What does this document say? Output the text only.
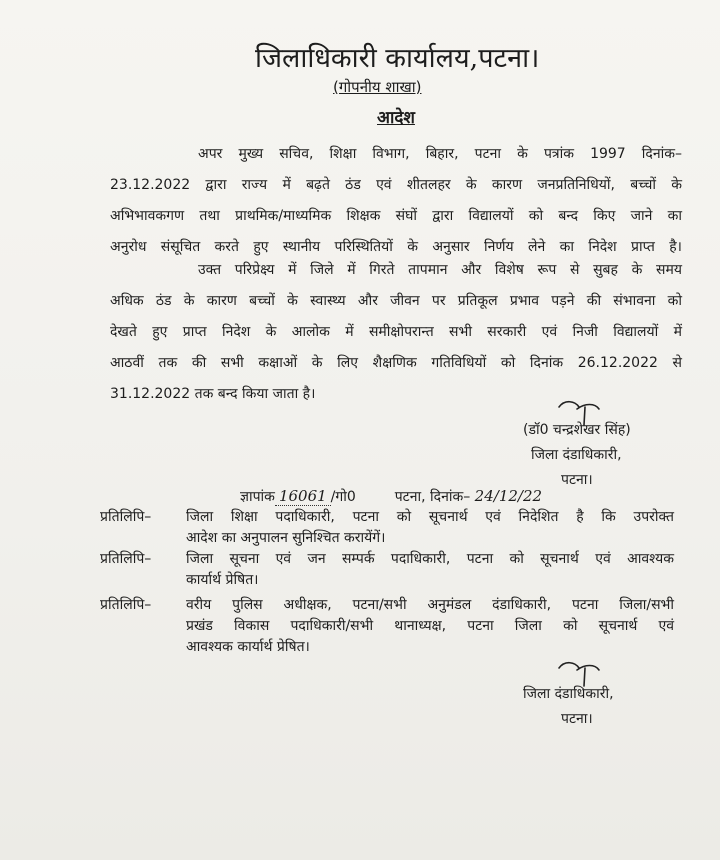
जिलाधिकारी कार्यालय,पटना।
(गोपनीय शाखा)
आदेश
अपर मुख्य सचिव, शिक्षा विभाग, बिहार, पटना के पत्रांक 1997 दिनांक–
23.12.2022 द्वारा राज्य में बढ़ते ठंड एवं शीतलहर के कारण जनप्रतिनिधियों, बच्चों के
अभिभावकगण तथा प्राथमिक/माध्यमिक शिक्षक संघों द्वारा विद्यालयों को बन्द किए जाने का
अनुरोध संसूचित करते हुए स्थानीय परिस्थितियों के अनुसार निर्णय लेने का निदेश प्राप्त है।
उक्त परिप्रेक्ष्य में जिले में गिरते तापमान और विशेष रूप से सुबह के समय
अधिक ठंड के कारण बच्चों के स्वास्थ्य और जीवन पर प्रतिकूल प्रभाव पड़ने की संभावना को
देखते हुए प्राप्त निदेश के आलोक में समीक्षोपरान्त सभी सरकारी एवं निजी विद्यालयों में
आठवीं तक की सभी कक्षाओं के लिए शैक्षणिक गतिविधियों को दिनांक 26.12.2022 से
31.12.2022 तक बन्द किया जाता है।
(डॉ0 चन्द्रशेखर सिंह)
जिला दंडाधिकारी,
पटना।
ज्ञापांक 16061 /गो0	पटना, दिनांक– 24/12/22
प्रतिलिपि– जिला शिक्षा पदाधिकारी, पटना को सूचनार्थ एवं निदेशित है कि उपरोक्त
आदेश का अनुपालन सुनिश्चित करायेंगें।
प्रतिलिपि– जिला सूचना एवं जन सम्पर्क पदाधिकारी, पटना को सूचनार्थ एवं आवश्यक
कार्यार्थ प्रेषित।
प्रतिलिपि– वरीय पुलिस अधीक्षक, पटना/सभी अनुमंडल दंडाधिकारी, पटना जिला/सभी
प्रखंड विकास पदाधिकारी/सभी थानाध्यक्ष, पटना जिला को सूचनार्थ एवं
आवश्यक कार्यार्थ प्रेषित।
जिला दंडाधिकारी,
पटना।
